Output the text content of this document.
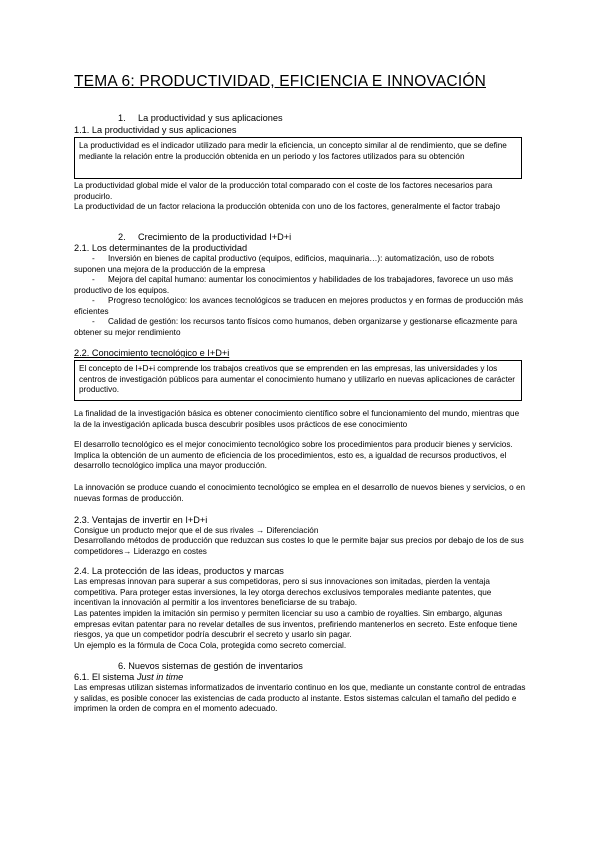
TEMA 6: PRODUCTIVIDAD, EFICIENCIA E INNOVACIÓN
1. La productividad y sus aplicaciones
1.1. La productividad y sus aplicaciones
La productividad es el indicador utilizado para medir la eficiencia, un concepto similar al de rendimiento, que se define mediante la relación entre la producción obtenida en un periodo y los factores utilizados para su obtención
La productividad global mide el valor de la producción total comparado con el coste de los factores necesarios para producirlo.
La productividad de un factor relaciona la producción obtenida con uno de los factores, generalmente el factor trabajo
2. Crecimiento de la productividad I+D+i
2.1. Los determinantes de la productividad
- Inversión en bienes de capital productivo (equipos, edificios, maquinaria…): automatización, uso de robots suponen una mejora de la producción de la empresa
- Mejora del capital humano: aumentar los conocimientos y habilidades de los trabajadores, favorece un uso más productivo de los equipos.
- Progreso tecnológico: los avances tecnológicos se traducen en mejores productos y en formas de producción más eficientes
- Calidad de gestión: los recursos tanto físicos como humanos, deben organizarse y gestionarse eficazmente para obtener su mejor rendimiento
2.2. Conocimiento tecnológico e I+D+i
El concepto de I+D+i comprende los trabajos creativos que se emprenden en las empresas, las universidades y los centros de investigación públicos para aumentar el conocimiento humano y utilizarlo en nuevas aplicaciones de carácter productivo.
La finalidad de la investigación básica es obtener conocimiento científico sobre el funcionamiento del mundo, mientras que la de la investigación aplicada busca descubrir posibles usos prácticos de ese conocimiento
El desarrollo tecnológico es el mejor conocimiento tecnológico sobre los procedimientos para producir bienes y servicios. Implica la obtención de un aumento de eficiencia de los procedimientos, esto es, a igualdad de recursos productivos, el desarrollo tecnológico implica una mayor producción.
La innovación se produce cuando el conocimiento tecnológico se emplea en el desarrollo de nuevos bienes y servicios, o en nuevas formas de producción.
2.3. Ventajas de invertir en I+D+i
Consigue un producto mejor que el de sus rivales → Diferenciación
Desarrollando métodos de producción que reduzcan sus costes lo que le permite bajar sus precios por debajo de los de sus competidores→ Liderazgo en costes
2.4. La protección de las ideas, productos y marcas
Las empresas innovan para superar a sus competidoras, pero si sus innovaciones son imitadas, pierden la ventaja competitiva. Para proteger estas inversiones, la ley otorga derechos exclusivos temporales mediante patentes, que incentivan la innovación al permitir a los inventores beneficiarse de su trabajo.
Las patentes impiden la imitación sin permiso y permiten licenciar su uso a cambio de royalties. Sin embargo, algunas empresas evitan patentar para no revelar detalles de sus inventos, prefiriendo mantenerlos en secreto. Este enfoque tiene riesgos, ya que un competidor podría descubrir el secreto y usarlo sin pagar.
Un ejemplo es la fórmula de Coca Cola, protegida como secreto comercial.
6. Nuevos sistemas de gestión de inventarios
6.1. El sistema Just in time
Las empresas utilizan sistemas informatizados de inventario continuo en los que, mediante un constante control de entradas y salidas, es posible conocer las existencias de cada producto al instante. Estos sistemas calculan el tamaño del pedido e imprimen la orden de compra en el momento adecuado.
